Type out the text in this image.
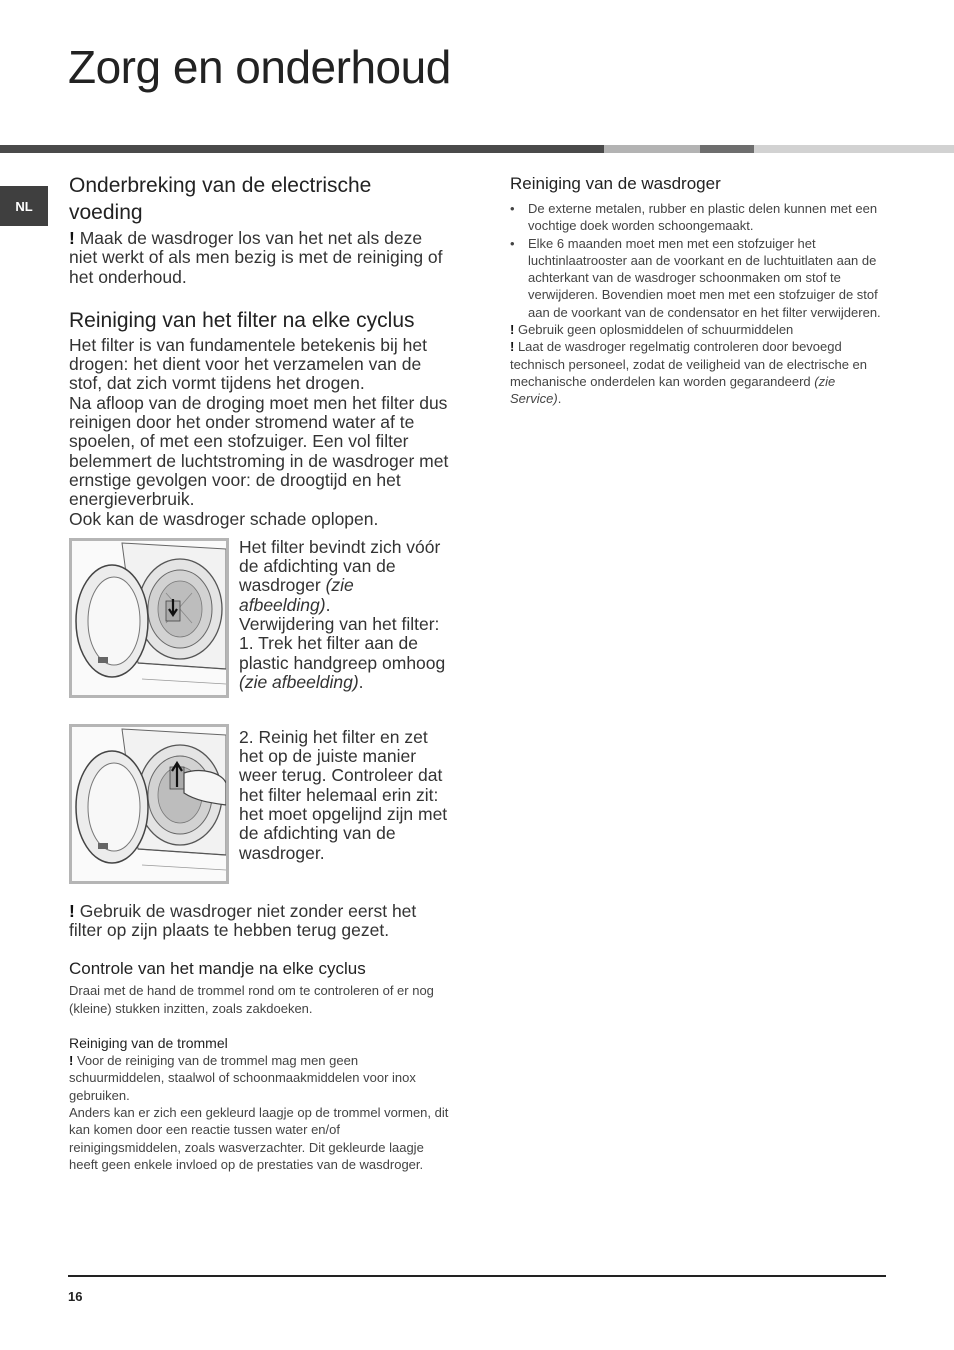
Zorg en onderhoud
NL
Onderbreking van de electrische voeding

! Maak de wasdroger los van het net als deze niet werkt of als men bezig is met de reiniging of het onderhoud.

Reiniging van het filter na elke cyclus

Het filter is van fundamentele betekenis bij het drogen: het dient voor het verzamelen van de stof, dat zich vormt tijdens het drogen.

Na afloop van de droging moet men het filter dus reinigen door het onder stromend water af te spoelen, of met een stofzuiger. Een vol filter belemmert de luchtstroming in de wasdroger met ernstige gevolgen voor: de droogtijd en het energieverbruik.

Ook kan de wasdroger schade oplopen.

Het filter bevindt zich vóór de afdichting van de wasdroger (zie afbeelding).

Verwijdering van het filter:

1. Trek het filter aan de plastic handgreep omhoog (zie afbeelding).

2. Reinig het filter en zet het op de juiste manier weer terug. Controleer dat het filter helemaal erin zit: het moet opgelijnd zijn met de afdichting van de wasdroger.

! Gebruik de wasdroger niet zonder eerst het filter op zijn plaats te hebben terug gezet.

Controle van het mandje na elke cyclus

Draai met de hand de trommel rond om te controleren of er nog (kleine) stukken inzitten, zoals zakdoeken.

Reiniging van de trommel

! Voor de reiniging van de trommel mag men geen schuurmiddelen, staalwol of schoonmaakmiddelen voor inox gebruiken.

Anders kan er zich een gekleurd laagje op de trommel vormen, dit kan komen door een reactie tussen water en/of reinigingsmiddelen, zoals wasverzachter. Dit gekleurde laagje heeft geen enkele invloed op de prestaties van de wasdroger.

Reiniging van de wasdroger
• De externe metalen, rubber en plastic delen kunnen met een vochtige doek worden schoongemaakt.
• Elke 6 maanden moet men met een stofzuiger het luchtinlaatrooster aan de voorkant en de luchtuitlaten aan de achterkant van de wasdroger schoonmaken om stof te verwijderen. Bovendien moet men met een stofzuiger de stof aan de voorkant van de condensator en het filter verwijderen.

! Gebruik geen oplosmiddelen of schuurmiddelen

! Laat de wasdroger regelmatig controleren door bevoegd technisch personeel, zodat de veiligheid van de electrische en mechanische onderdelen kan worden gegarandeerd (zie Service).

16
